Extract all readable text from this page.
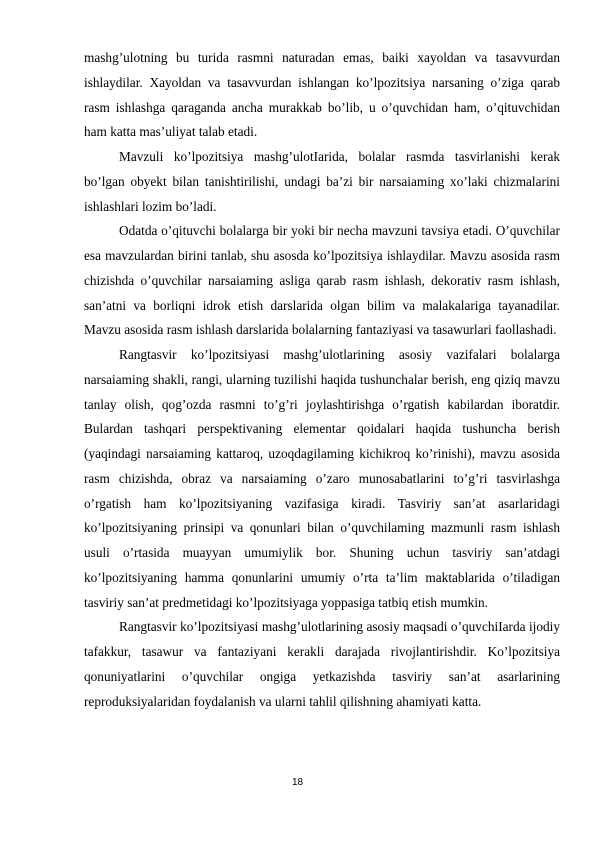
mashg’ulotning bu turida rasmni naturadan emas, baiki xayoldan va tasavvurdan ishlaydilar. Xayoldan va tasavvurdan ishlangan ko’lpozitsiya narsaning o’ziga qarab rasm ishlashga qaraganda ancha murakkab bo’lib, u o’quvchidan ham, o’qituvchidan ham katta mas’uliyat talab etadi.

Mavzuli ko’lpozitsiya mashg’ulotIarida, bolalar rasmda tasvirlanishi kerak bo’lgan obyekt bilan tanishtirilishi, undagi ba’zi bir narsaiaming xo’laki chizmalarini ishlashlari lozim bo’ladi.

Odatda o’qituvchi bolalarga bir yoki bir necha mavzuni tavsiya etadi. O’quvchilar esa mavzulardan birini tanlab, shu asosda ko’lpozitsiya ishlaydilar. Mavzu asosida rasm chizishda o’quvchilar narsaiaming asliga qarab rasm ishlash, dekorativ rasm ishlash, san’atni va borliqni idrok etish darslarida olgan bilim va malakalariga tayanadilar. Mavzu asosida rasm ishlash darslarida bolalarning fantaziyasi va tasawurlari faollashadi.

Rangtasvir ko’lpozitsiyasi mashg’ulotlarining asosiy vazifalari bolalarga narsaiaming shakli, rangi, ularning tuzilishi haqida tushunchalar berish, eng qiziq mavzu tanlay olish, qog’ozda rasmni to’g’ri joylashtirishga o’rgatish kabilardan iboratdir. Bulardan tashqari perspektivaning elementar qoidalari haqida tushuncha berish (yaqindagi narsaiaming kattaroq, uzoqdagilaming kichikroq ko’rinishi), mavzu asosida rasm chizishda, obraz va narsaiaming o’zaro munosabatlarini to’g’ri tasvirlashga o’rgatish ham ko’lpozitsiyaning vazifasiga kiradi. Tasviriy san’at asarlaridagi ko’lpozitsiyaning prinsipi va qonunlari bilan o’quvchilaming mazmunli rasm ishlash usuli o’rtasida muayyan umumiylik bor. Shuning uchun tasviriy san’atdagi ko’lpozitsiyaning hamma qonunlarini umumiy o’rta ta’lim maktablarida o’tiladigan tasviriy san’at predmetidagi ko’lpozitsiyaga yoppasiga tatbiq etish mumkin.

Rangtasvir ko’lpozitsiyasi mashg’ulotlarining asosiy maqsadi o’quvchiIarda ijodiy tafakkur, tasawur va fantaziyani kerakli darajada rivojlantirishdir. Ko’lpozitsiya qonuniyatlarini o’quvchilar ongiga yetkazishda tasviriy san’at asarlarining reproduksiyalaridan foydalanish va ularni tahlil qilishning ahamiyati katta.

18
